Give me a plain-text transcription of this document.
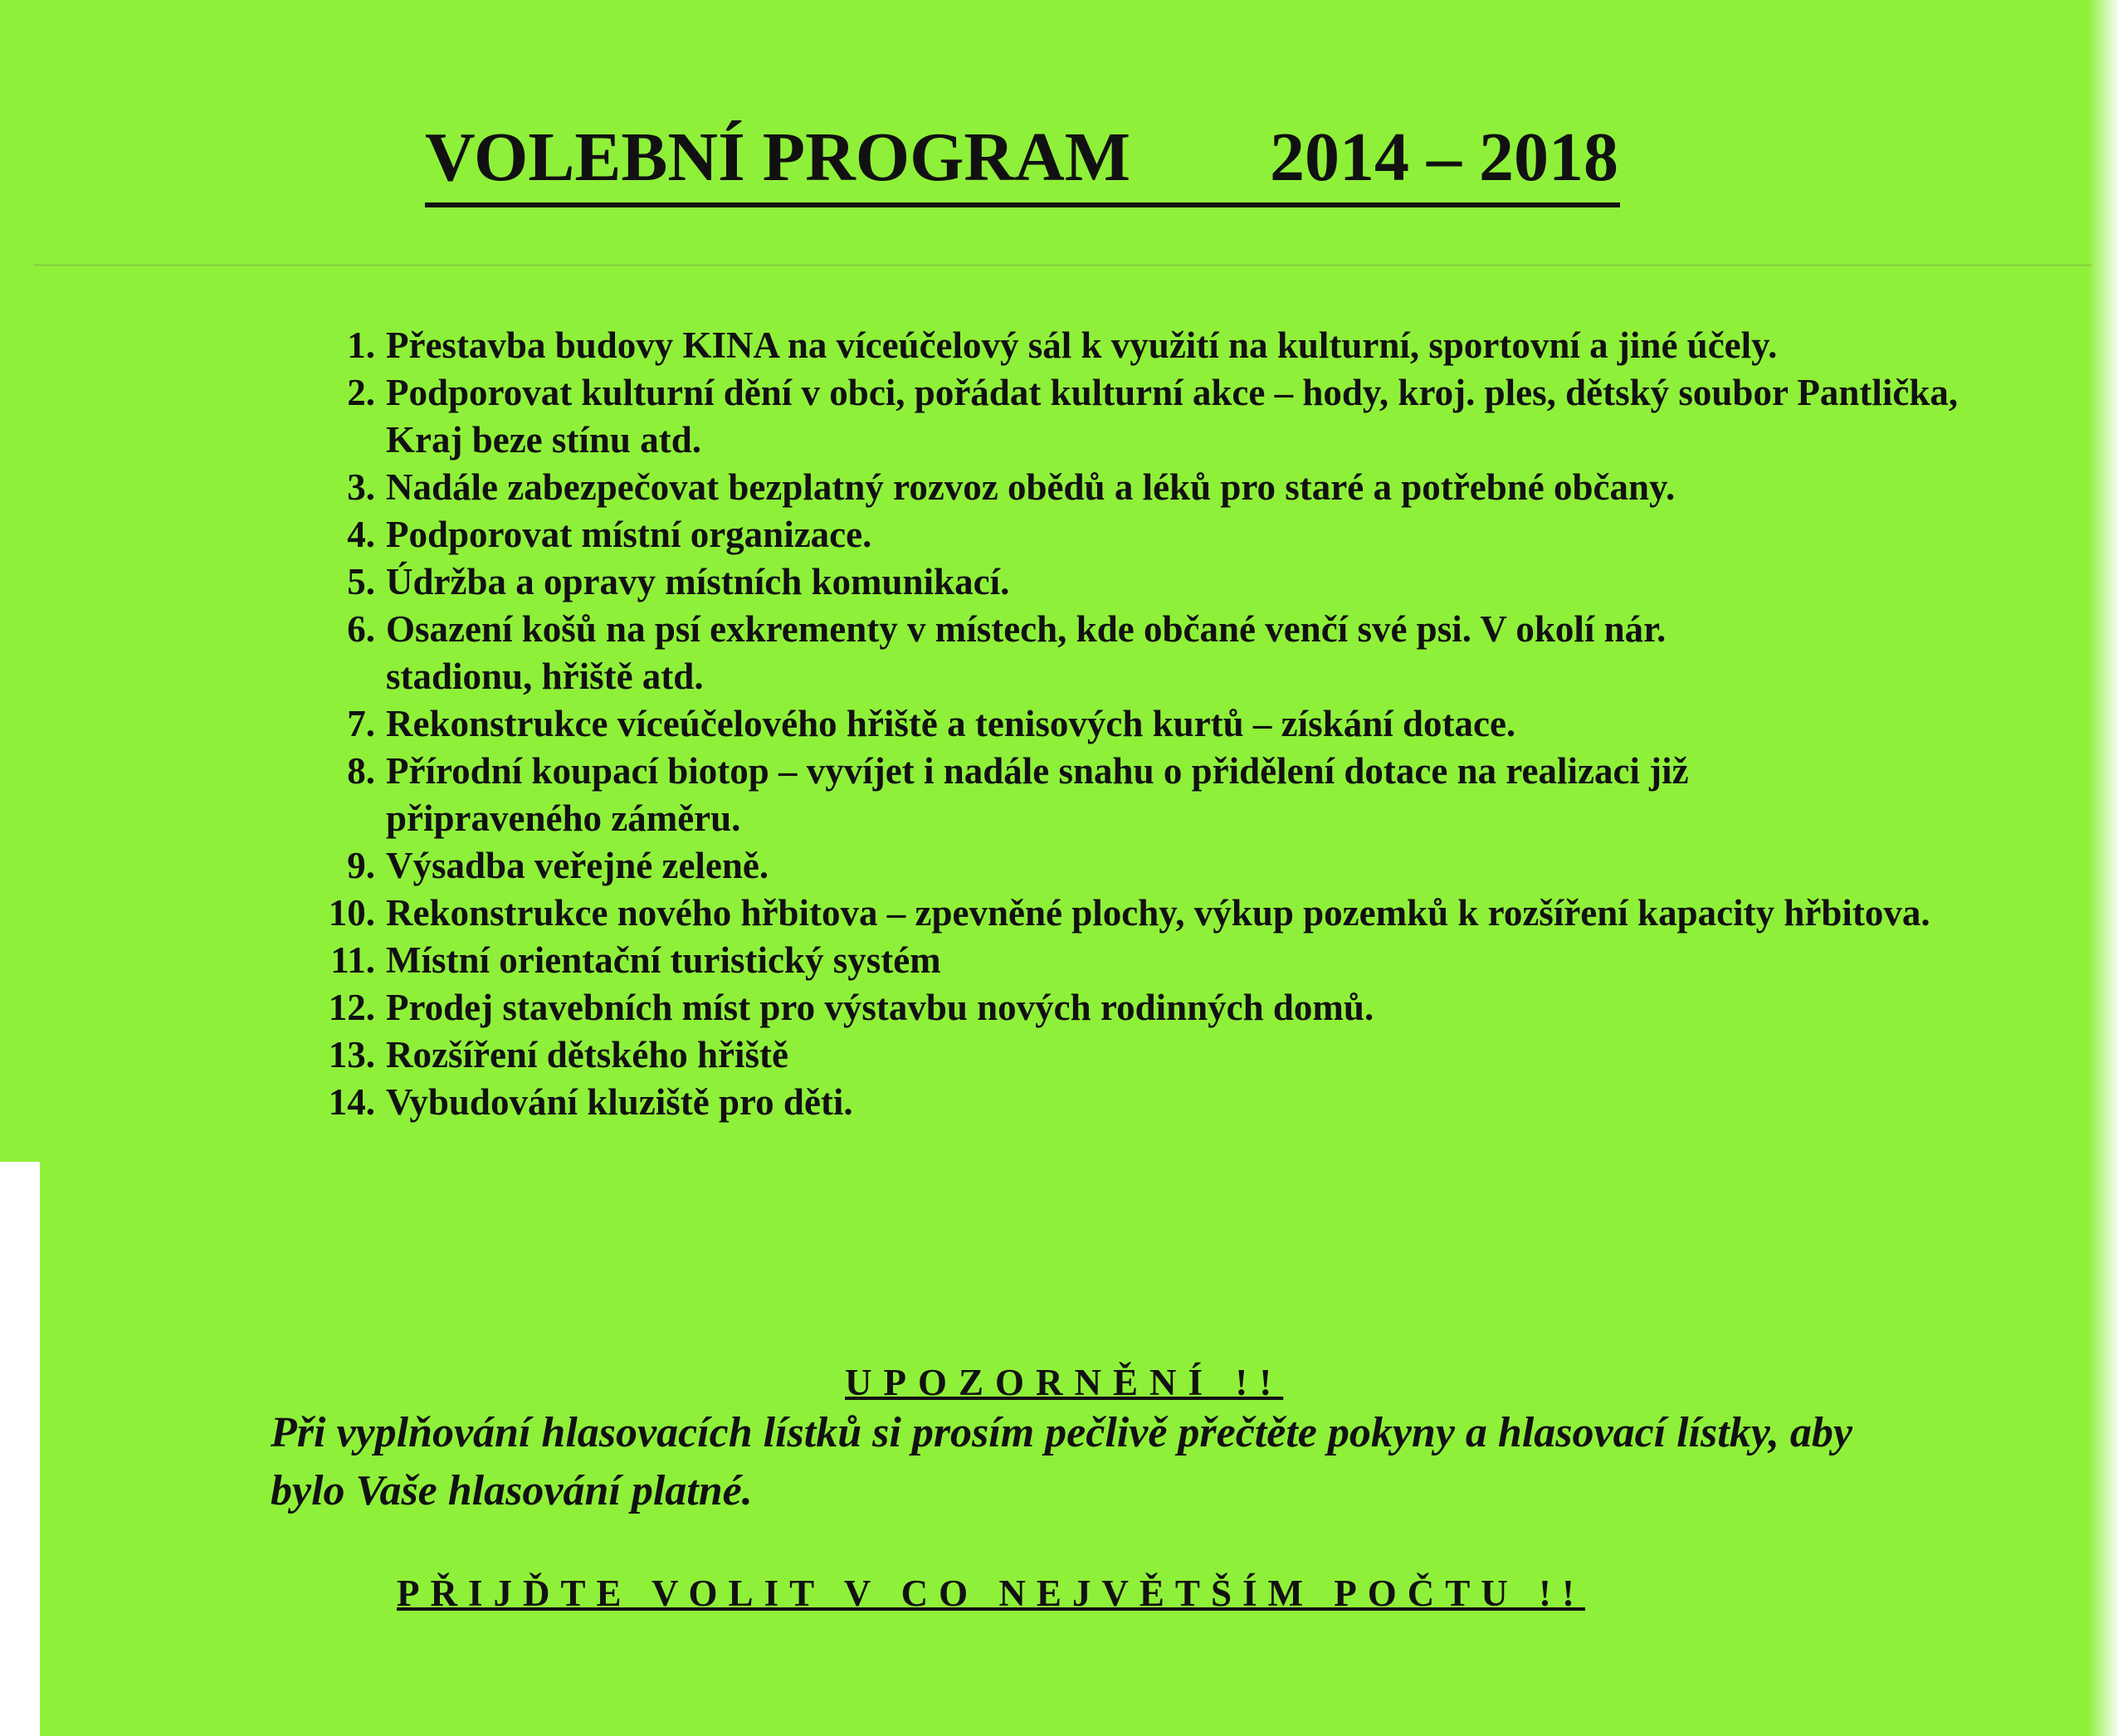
VOLEBNÍ PROGRAM 2014 – 2018
1. Přestavba budovy KINA na víceúčelový sál k využití na kulturní, sportovní a jiné účely.
2. Podporovat kulturní dění v obci, pořádat kulturní akce – hody, kroj. ples, dětský soubor Pantlička, Kraj beze stínu atd.
3. Nadále zabezpečovat bezplatný rozvoz obědů a léků pro staré a potřebné občany.
4. Podporovat místní organizace.
5. Údržba a opravy místních komunikací.
6. Osazení košů na psí exkrementy v místech, kde občané venčí své psi. V okolí nár. stadionu, hřiště atd.
7. Rekonstrukce víceúčelového hřiště a tenisových kurtů – získání dotace.
8. Přírodní koupací biotop – vyvíjet i nadále snahu o přidělení dotace na realizaci již připraveného záměru.
9. Výsadba veřejné zeleně.
10. Rekonstrukce nového hřbitova – zpevněné plochy, výkup pozemků k rozšíření kapacity hřbitova.
11. Místní orientační turistický systém
12. Prodej stavebních míst pro výstavbu nových rodinných domů.
13. Rozšíření dětského hřiště
14. Vybudování kluziště pro děti.
UPOZORNĚNÍ !!
Při vyplňování hlasovacích lístků si prosím pečlivě přečtěte pokyny a hlasovací lístky, aby bylo Vaše hlasování platné.
PŘIJĎTE VOLIT V CO NEJVĚTŠÍM POČTU !!
